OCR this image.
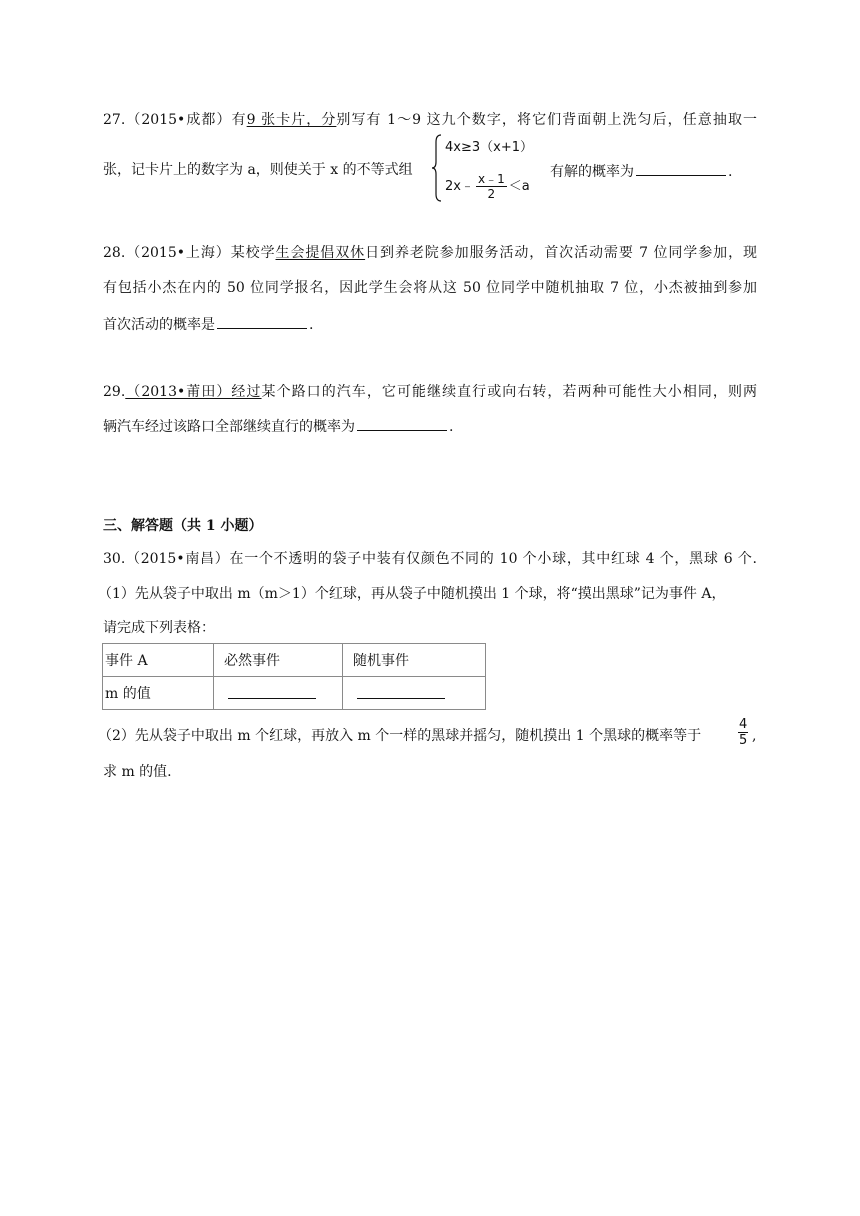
27.（2015•成都）有9 张卡片，分别写有 1～9 这九个数字，将它们背面朝上洗匀后，任意抽取一
张，记卡片上的数字为 a，则使关于 x 的不等式组
4x≥3（x+1）
2x﹣ $\frac{x﹣1}{2} <a$
有解的概率为	.
28.（2015•上海）某校学生会提倡双休日到养老院参加服务活动，首次活动需要 7 位同学参加，现
有包括小杰在内的 50 位同学报名，因此学生会将从这 50 位同学中随机抽取 7 位，小杰被抽到参加
首次活动的概率是	.
29.（2013•莆田）经过某个路口的汽车，它可能继续直行或向右转，若两种可能性大小相同，则两
辆汽车经过该路口全部继续直行的概率为	.
三、解答题（共 1 小题）
30.（2015•南昌）在一个不透明的袋子中装有仅颜色不同的 10 个小球，其中红球 4 个，黑球 6 个.
（1）先从袋子中取出 m（m＞1）个红球，再从袋子中随机摸出 1 个球，将“摸出黑球”记为事件 A，
请完成下列表格：
事件 A	必然事件	随机事件
m 的值		
（2）先从袋子中取出 m 个红球，再放入 m 个一样的黑球并摇匀，随机摸出 1 个黑球的概率等于	$\frac{4}{5}$ ,
求 m 的值.
